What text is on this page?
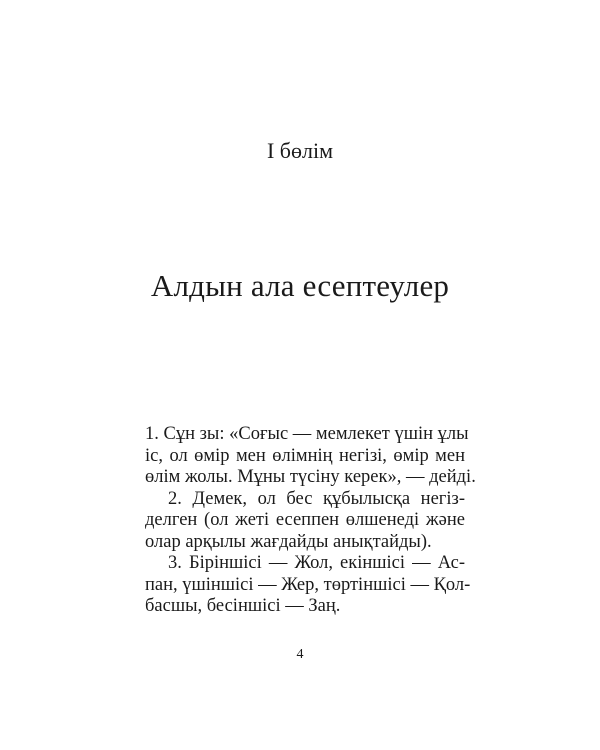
І бөлім
Алдын ала есептеулер
1. Сұн зы: «Соғыс — мемлекет үшін ұлы
іс, ол өмір мен өлімнің негізі, өмір мен
өлім жолы. Мұны түсіну керек», — дейді.
2. Демек, ол бес құбылысқа негіз-
делген (ол жеті есеппен өлшенеді және
олар арқылы жағдайды анықтайды).
3. Біріншісі — Жол, екіншісі — Ас-
пан, үшіншісі — Жер, төртіншісі — Қол-
басшы, бесіншісі — Заң.
4
